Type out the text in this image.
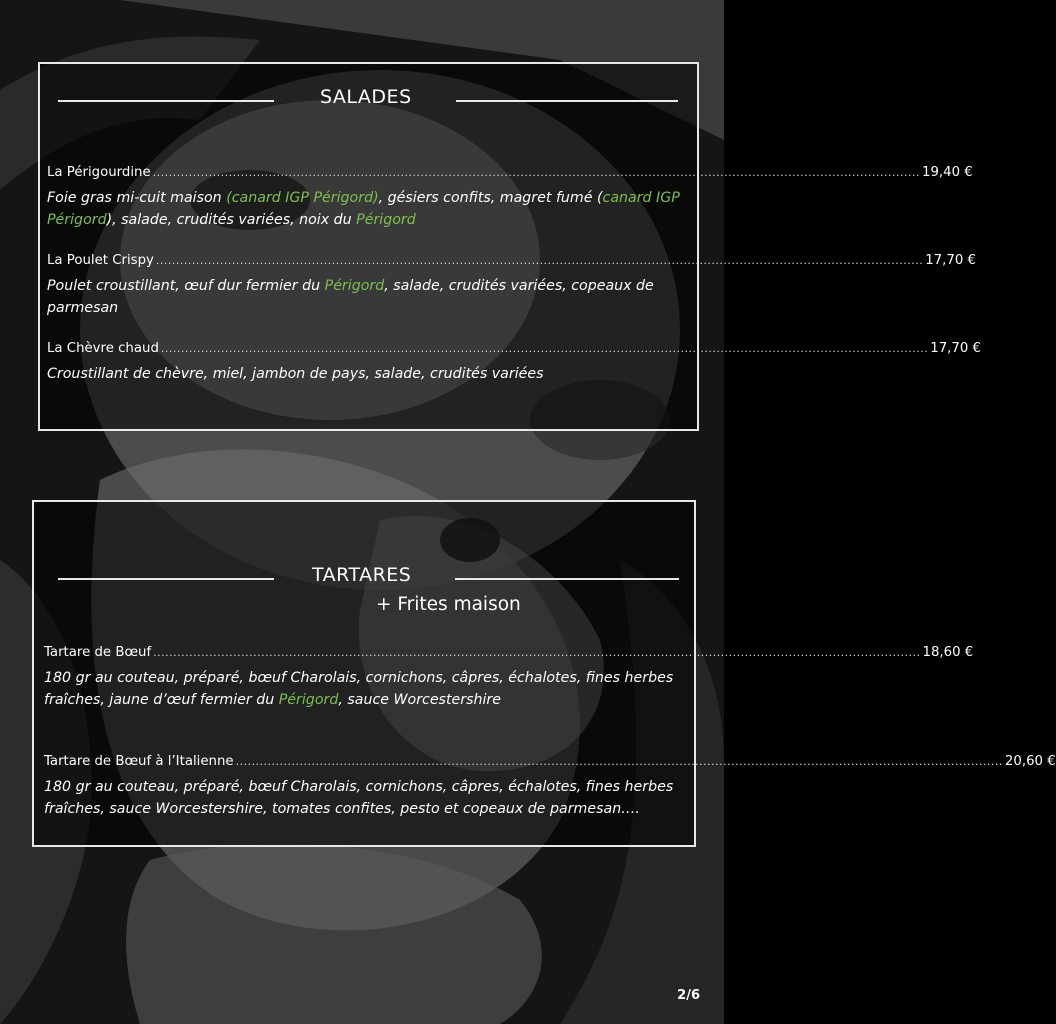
SALADES
La Périgourdine ................................................................................................................................................................................................ 19,40 €
Foie gras mi-cuit maison (canard IGP Périgord), gésiers confits, magret fumé (canard IGP Périgord), salade, crudités variées, noix du Périgord
La Poulet Crispy ................................................................................................................................................................................................ 17,70 €
Poulet croustillant, œuf dur fermier du Périgord, salade, crudités variées, copeaux de parmesan
La Chèvre chaud ................................................................................................................................................................................................ 17,70 €
Croustillant de chèvre, miel, jambon de pays, salade, crudités variées
TARTARES
+ Frites maison
Tartare de Bœuf ................................................................................................................................................................................................ 18,60 €
180 gr au couteau, préparé, bœuf Charolais, cornichons, câpres, échalotes, fines herbes fraîches, jaune d’œuf fermier du Périgord, sauce Worcestershire
Tartare de Bœuf à l’Italienne ................................................................................................................................................................................................ 20,60 €
180 gr au couteau, préparé, bœuf Charolais, cornichons, câpres, échalotes, fines herbes fraîches, sauce Worcestershire, tomates confites, pesto et copeaux de parmesan….
2/6
